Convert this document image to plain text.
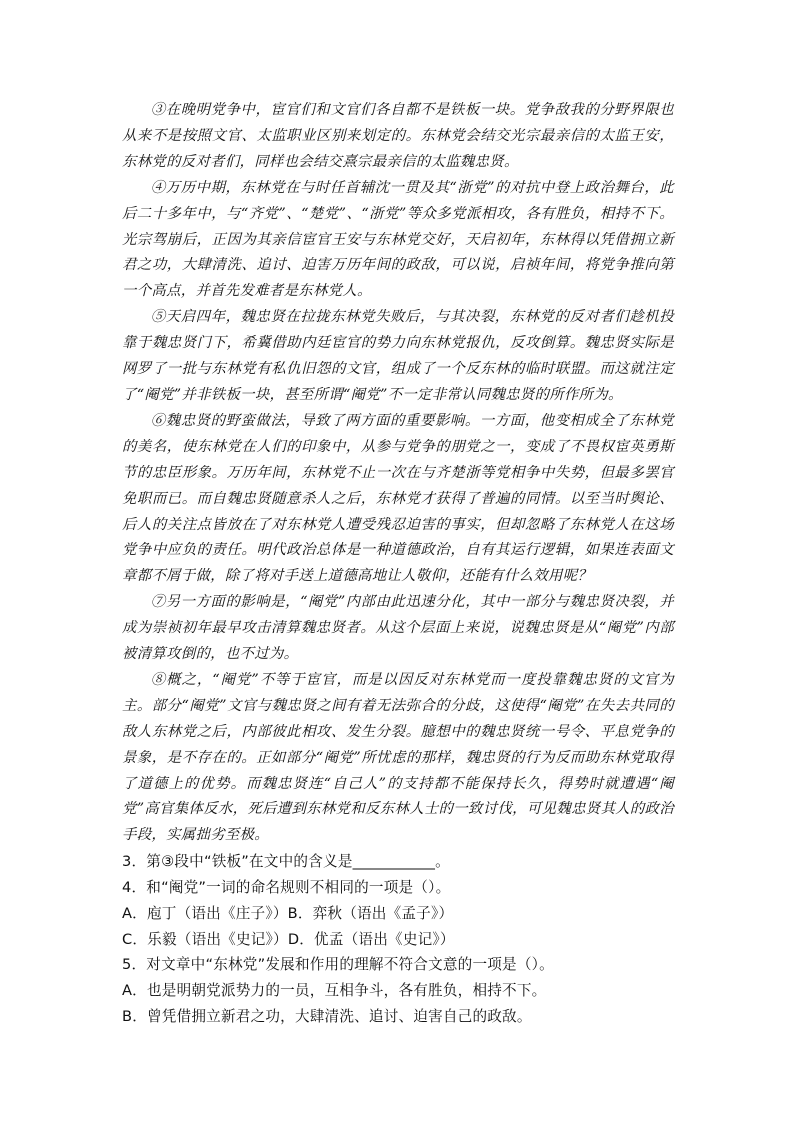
③在晚明党争中，宦官们和文官们各自都不是铁板一块。党争敌我的分野界限也从来不是按照文官、太监职业区别来划定的。东林党会结交光宗最亲信的太监王安，东林党的反对者们，同样也会结交熹宗最亲信的太监魏忠贤。

④万历中期，东林党在与时任首辅沈一贯及其“浙党”的对抗中登上政治舞台，此后二十多年中，与“齐党”、“楚党”、“浙党”等众多党派相攻，各有胜负，相持不下。光宗驾崩后，正因为其亲信宦官王安与东林党交好，天启初年，东林得以凭借拥立新君之功，大肆清洗、追讨、迫害万历年间的政敌，可以说，启祯年间，将党争推向第一个高点，并首先发难者是东林党人。

⑤天启四年，魏忠贤在拉拢东林党失败后，与其决裂，东林党的反对者们趁机投靠于魏忠贤门下，希冀借助内廷宦官的势力向东林党报仇，反攻倒算。魏忠贤实际是网罗了一批与东林党有私仇旧怨的文官，组成了一个反东林的临时联盟。而这就注定了“阉党”并非铁板一块，甚至所谓“阉党”不一定非常认同魏忠贤的所作所为。

⑥魏忠贤的野蛮做法，导致了两方面的重要影响。一方面，他变相成全了东林党的美名，使东林党在人们的印象中，从参与党争的朋党之一，变成了不畏权宦英勇斯节的忠臣形象。万历年间，东林党不止一次在与齐楚浙等党相争中失势，但最多罢官免职而已。而自魏忠贤随意杀人之后，东林党才获得了普遍的同情。以至当时舆论、后人的关注点皆放在了对东林党人遭受残忍迫害的事实，但却忽略了东林党人在这场党争中应负的责任。明代政治总体是一种道德政治，自有其运行逻辑，如果连表面文章都不屑于做，除了将对手送上道德高地让人敬仰，还能有什么效用呢？

⑦另一方面的影响是，“阉党”内部由此迅速分化，其中一部分与魏忠贤决裂，并成为崇祯初年最早攻击清算魏忠贤者。从这个层面上来说，说魏忠贤是从“阉党”内部被清算攻倒的，也不过为。

⑧概之，“阉党”不等于宦官，而是以因反对东林党而一度投靠魏忠贤的文官为主。部分“阉党”文官与魏忠贤之间有着无法弥合的分歧，这使得“阉党”在失去共同的敌人东林党之后，内部彼此相攻、发生分裂。臆想中的魏忠贤统一号令、平息党争的景象，是不存在的。正如部分“阉党”所忧虑的那样，魏忠贤的行为反而助东林党取得了道德上的优势。而魏忠贤连“自己人”的支持都不能保持长久，得势时就遭遇“阉党”高官集体反水，死后遭到东林党和反东林人士的一致讨伐，可见魏忠贤其人的政治手段，实属拙劣至极。

3．第③段中“铁板”在文中的含义是___________。

4．和“阉党”一词的命名规则不相同的一项是（）。

A．庖丁（语出《庄子》）B．弈秋（语出《孟子》）

C．乐毅（语出《史记》）D．优孟（语出《史记》）

5．对文章中“东林党”发展和作用的理解不符合文意的一项是（）。

A．也是明朝党派势力的一员，互相争斗，各有胜负，相持不下。

B．曾凭借拥立新君之功，大肆清洗、追讨、迫害自己的政敌。
